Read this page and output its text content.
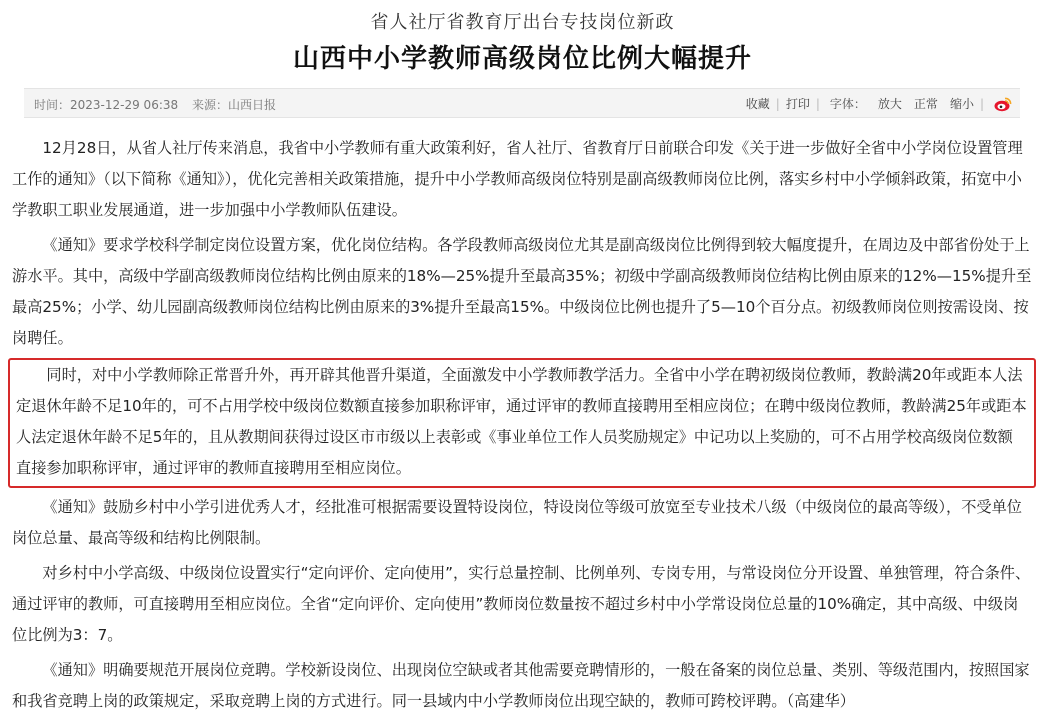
省人社厅省教育厅出台专技岗位新政
山西中小学教师高级岗位比例大幅提升
时间：2023-12-29 06:38 来源：山西日报	收藏 | 打印 | 字体： 放大 正常 缩小 |

12月28日，从省人社厅传来消息，我省中小学教师有重大政策利好，省人社厅、省教育厅日前联合印发《关于进一步做好全省中小学岗位设置管理工作的通知》（以下简称《通知》），优化完善相关政策措施，提升中小学教师高级岗位特别是副高级教师岗位比例，落实乡村中小学倾斜政策，拓宽中小学教职工职业发展通道，进一步加强中小学教师队伍建设。

《通知》要求学校科学制定岗位设置方案，优化岗位结构。各学段教师高级岗位尤其是副高级岗位比例得到较大幅度提升，在周边及中部省份处于上游水平。其中，高级中学副高级教师岗位结构比例由原来的18%—25%提升至最高35%；初级中学副高级教师岗位结构比例由原来的12%—15%提升至最高25%；小学、幼儿园副高级教师岗位结构比例由原来的3%提升至最高15%。中级岗位比例也提升了5—10个百分点。初级教师岗位则按需设岗、按岗聘任。

同时，对中小学教师除正常晋升外，再开辟其他晋升渠道，全面激发中小学教师教学活力。全省中小学在聘初级岗位教师，教龄满20年或距本人法定退休年龄不足10年的，可不占用学校中级岗位数额直接参加职称评审，通过评审的教师直接聘用至相应岗位；在聘中级岗位教师，教龄满25年或距本人法定退休年龄不足5年的，且从教期间获得过设区市市级以上表彰或《事业单位工作人员奖励规定》中记功以上奖励的，可不占用学校高级岗位数额直接参加职称评审，通过评审的教师直接聘用至相应岗位。

《通知》鼓励乡村中小学引进优秀人才，经批准可根据需要设置特设岗位，特设岗位等级可放宽至专业技术八级（中级岗位的最高等级），不受单位岗位总量、最高等级和结构比例限制。

对乡村中小学高级、中级岗位设置实行“定向评价、定向使用”，实行总量控制、比例单列、专岗专用，与常设岗位分开设置、单独管理，符合条件、通过评审的教师，可直接聘用至相应岗位。全省“定向评价、定向使用”教师岗位数量按不超过乡村中小学常设岗位总量的10%确定，其中高级、中级岗位比例为3：7。

《通知》明确要规范开展岗位竞聘。学校新设岗位、出现岗位空缺或者其他需要竞聘情形的，一般在备案的岗位总量、类别、等级范围内，按照国家和我省竞聘上岗的政策规定，采取竞聘上岗的方式进行。同一县域内中小学教师岗位出现空缺的，教师可跨校评聘。（高建华）
